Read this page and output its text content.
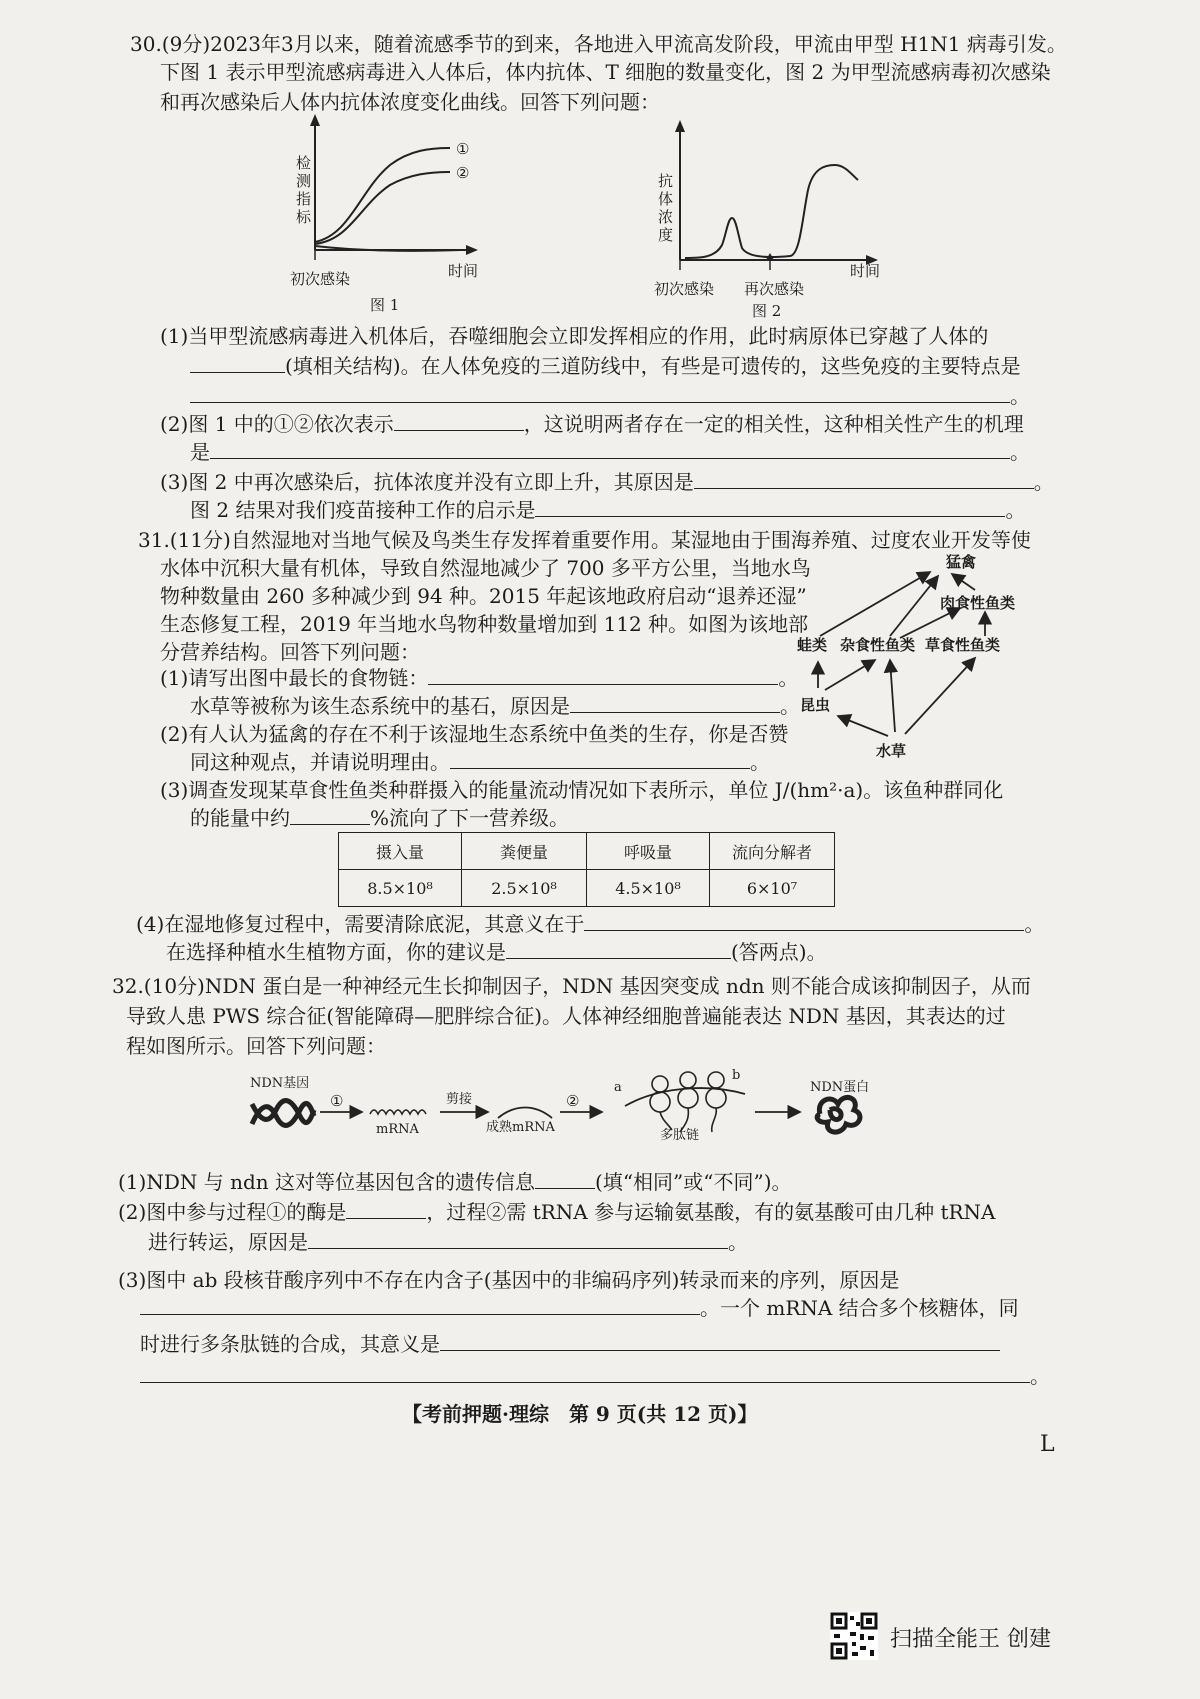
30.(9分)2023年3月以来，随着流感季节的到来，各地进入甲流高发阶段，甲流由甲型 H1N1 病毒引发。
下图 1 表示甲型流感病毒进入人体后，体内抗体、T 细胞的数量变化，图 2 为甲型流感病毒初次感染
和再次感染后人体内抗体浓度变化曲线。回答下列问题：
检
测
指
标
①
②
初次感染	时间
图 1
抗
体
浓
度
初次感染 再次感染
时间
图 2
(1)当甲型流感病毒进入机体后，吞噬细胞会立即发挥相应的作用，此时病原体已穿越了人体的
(填相关结构)。在人体免疫的三道防线中，有些是可遗传的，这些免疫的主要特点是
。
(2)图 1 中的①②依次表示	，这说明两者存在一定的相关性，这种相关性产生的机理
是	。
(3)图 2 中再次感染后，抗体浓度并没有立即上升，其原因是	。
图 2 结果对我们疫苗接种工作的启示是	。
31.(11分)自然湿地对当地气候及鸟类生存发挥着重要作用。某湿地由于围海养殖、过度农业开发等使
水体中沉积大量有机体，导致自然湿地减少了 700 多平方公里，当地水鸟
物种数量由 260 多种减少到 94 种。2015 年起该地政府启动“退养还湿”
生态修复工程，2019 年当地水鸟物种数量增加到 112 种。如图为该地部
分营养结构。回答下列问题：
(1)请写出图中最长的食物链：	。
水草等被称为该生态系统中的基石，原因是	。
(2)有人认为猛禽的存在不利于该湿地生态系统中鱼类的生存，你是否赞
同这种观点，并请说明理由。	。
猛禽
肉食性鱼类
蛙类 杂食性鱼类 草食性鱼类
昆虫
水草
(3)调查发现某草食性鱼类种群摄入的能量流动情况如下表所示，单位 J/(hm²·a)。该鱼种群同化
的能量中约	%流向了下一营养级。
摄入量	粪便量	呼吸量	流向分解者
8.5×10⁸	2.5×10⁸	4.5×10⁸	6×10⁷
(4)在湿地修复过程中，需要清除底泥，其意义在于	。
在选择种植水生植物方面，你的建议是	(答两点)。
32.(10分)NDN 蛋白是一种神经元生长抑制因子，NDN 基因突变成 ndn 则不能合成该抑制因子，从而
导致人患 PWS 综合征(智能障碍—肥胖综合征)。人体神经细胞普遍能表达 NDN 基因，其表达的过
程如图所示。回答下列问题：
NDN基因
①
mRNA
剪接
成熟mRNA
②
a
b
多肽链
NDN蛋白
(1)NDN 与 ndn 这对等位基因包含的遗传信息	(填“相同”或“不同”)。
(2)图中参与过程①的酶是	，过程②需 tRNA 参与运输氨基酸，有的氨基酸可由几种 tRNA
进行转运，原因是	。
(3)图中 ab 段核苷酸序列中不存在内含子(基因中的非编码序列)转录而来的序列，原因是
。一个 mRNA 结合多个核糖体，同
时进行多条肽链的合成，其意义是
。
【考前押题·理综　第 9 页(共 12 页)】
L
扫描全能王 创建
